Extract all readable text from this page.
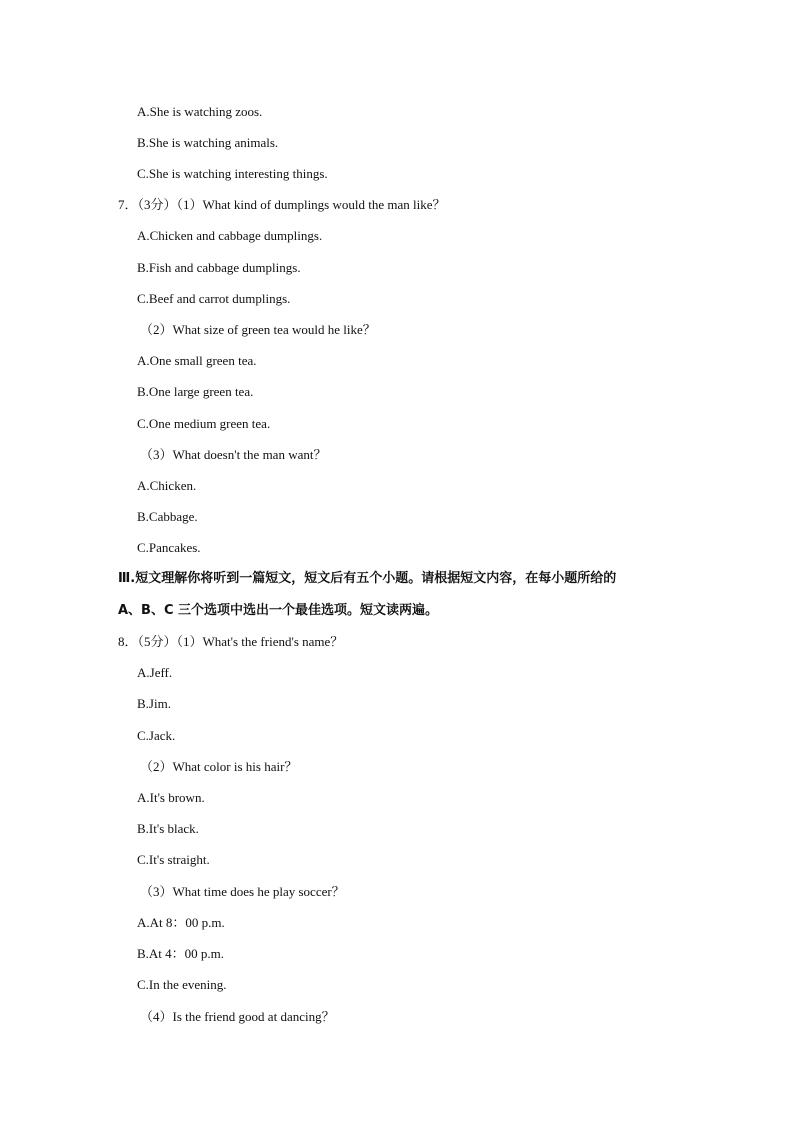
A.She is watching zoos.
B.She is watching animals.
C.She is watching interesting things.
7．（3分）（1）What kind of dumplings would the man like？
A.Chicken and cabbage dumplings.
B.Fish and cabbage dumplings.
C.Beef and carrot dumplings.
（2）What size of green tea would he like？
A.One small green tea.
B.One large green tea.
C.One medium green tea.
（3）What doesn't the man want？
A.Chicken.
B.Cabbage.
C.Pancakes.
Ⅲ.短文理解你将听到一篇短文，短文后有五个小题。请根据短文内容，在每小题所给的
A、B、C 三个选项中选出一个最佳选项。短文读两遍。
8．（5分）（1）What's the friend's name？
A.Jeff.
B.Jim.
C.Jack.
（2）What color is his hair？
A.It's brown.
B.It's black.
C.It's straight.
（3）What time does he play soccer？
A.At 8：00 p.m.
B.At 4：00 p.m.
C.In the evening.
（4）Is the friend good at dancing？
